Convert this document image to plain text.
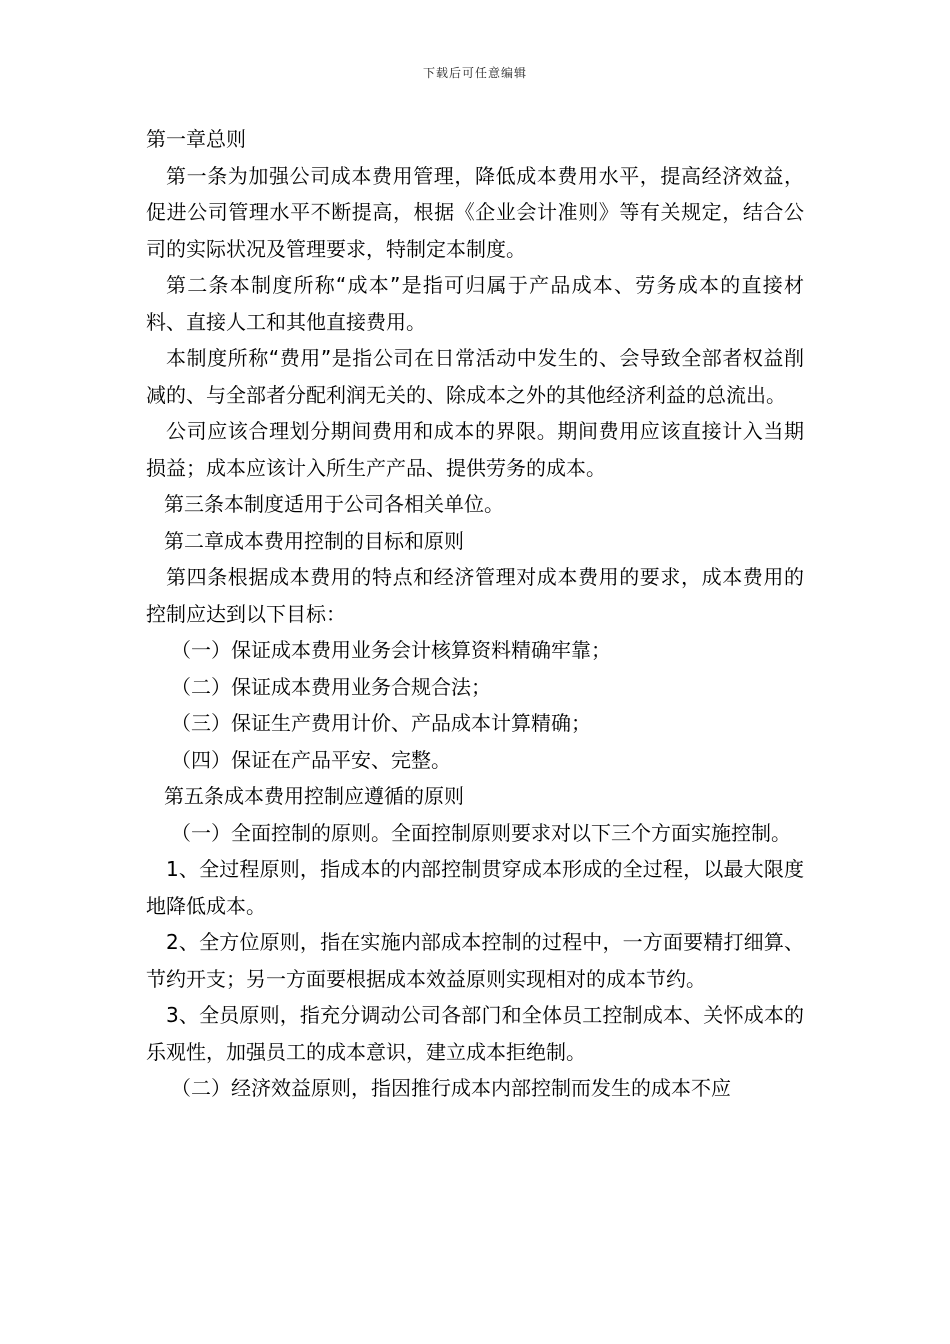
下载后可任意编辑

第一章总则

第一条为加强公司成本费用管理，降低成本费用水平，提高经济效益，促进公司管理水平不断提高，根据《企业会计准则》等有关规定，结合公司的实际状况及管理要求，特制定本制度。

第二条本制度所称“成本”是指可归属于产品成本、劳务成本的直接材料、直接人工和其他直接费用。

本制度所称“费用”是指公司在日常活动中发生的、会导致全部者权益削减的、与全部者分配利润无关的、除成本之外的其他经济利益的总流出。

公司应该合理划分期间费用和成本的界限。期间费用应该直接计入当期损益；成本应该计入所生产产品、提供劳务的成本。

第三条本制度适用于公司各相关单位。

第二章成本费用控制的目标和原则

第四条根据成本费用的特点和经济管理对成本费用的要求，成本费用的控制应达到以下目标：

（一）保证成本费用业务会计核算资料精确牢靠；

（二）保证成本费用业务合规合法；

（三）保证生产费用计价、产品成本计算精确；

（四）保证在产品平安、完整。

第五条成本费用控制应遵循的原则

（一）全面控制的原则。全面控制原则要求对以下三个方面实施控制。

1、全过程原则，指成本的内部控制贯穿成本形成的全过程，以最大限度地降低成本。

2、全方位原则，指在实施内部成本控制的过程中，一方面要精打细算、节约开支；另一方面要根据成本效益原则实现相对的成本节约。

3、全员原则，指充分调动公司各部门和全体员工控制成本、关怀成本的乐观性，加强员工的成本意识，建立成本拒绝制。

（二）经济效益原则，指因推行成本内部控制而发生的成本不应
